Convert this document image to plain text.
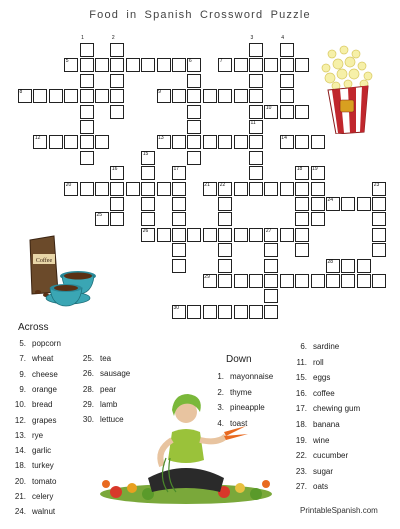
Food in Spanish Crossword Puzzle
1	2	3	4
5	6	7
8	9
10
11
12	13	14
15
16	17	18 19
20	21 22	23
24
25
26	27
28
29
30
Coffee
Across
Down
5. popcorn
7. wheat
9. cheese
9. orange
10. bread
12. grapes
13. rye
14. garlic
18. turkey
20. tomato
21. celery
24. walnut
25. tea
26. sausage
28. pear
29. lamb
30. lettuce
1. mayonnaise
2. thyme
3. pineapple
4. toast
6. sardine
11. roll
15. eggs
16. coffee
17. chewing gum
18. banana
19. wine
22. cucumber
23. sugar
27. oats
PrintableSpanish.com
